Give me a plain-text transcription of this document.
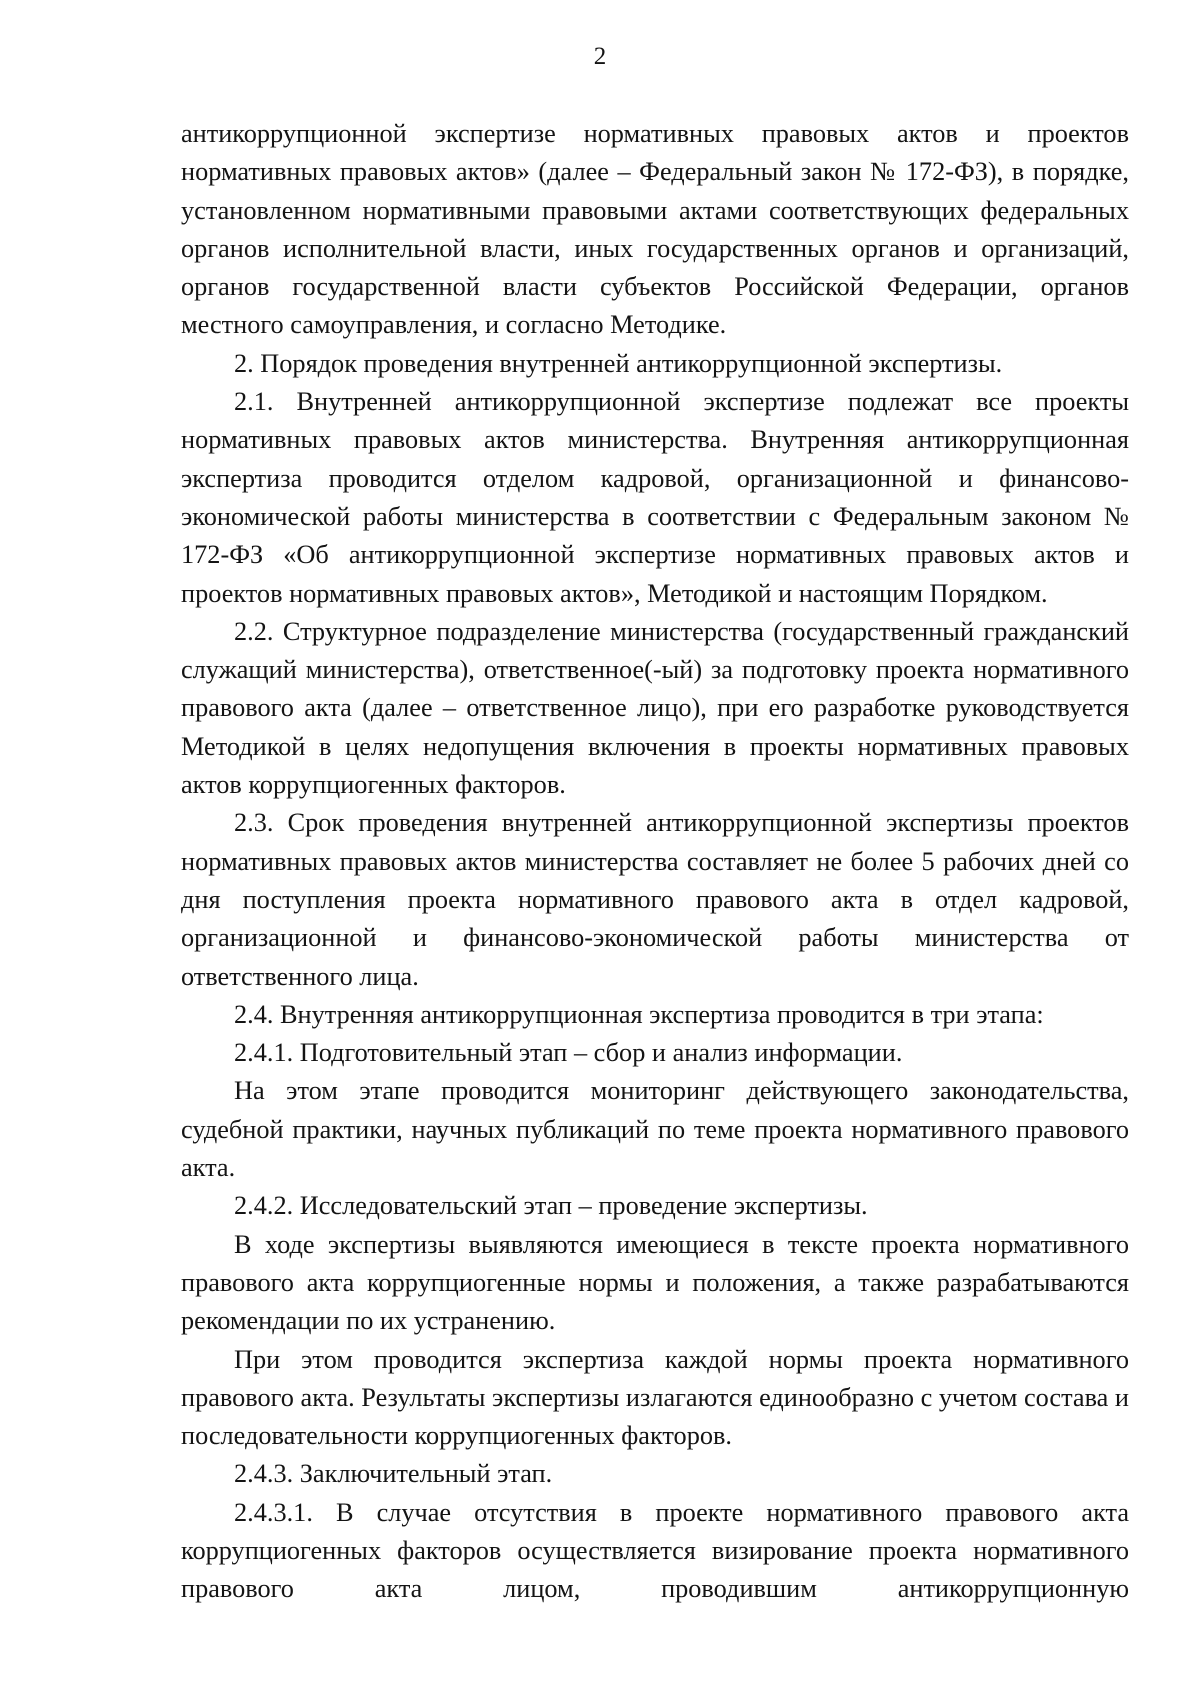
2

антикоррупционной экспертизе нормативных правовых актов и проектов нормативных правовых актов» (далее – Федеральный закон № 172-ФЗ), в порядке, установленном нормативными правовыми актами соответствующих федеральных органов исполнительной власти, иных государственных органов и организаций, органов государственной власти субъектов Российской Федерации, органов местного самоуправления, и согласно Методике.

2. Порядок проведения внутренней антикоррупционной экспертизы.

2.1. Внутренней антикоррупционной экспертизе подлежат все проекты нормативных правовых актов министерства. Внутренняя антикоррупционная экспертиза проводится отделом кадровой, организационной и финансово-экономической работы министерства в соответствии с Федеральным законом № 172-ФЗ «Об антикоррупционной экспертизе нормативных правовых актов и проектов нормативных правовых актов», Методикой и настоящим Порядком.

2.2. Структурное подразделение министерства (государственный гражданский служащий министерства), ответственное(-ый) за подготовку проекта нормативного правового акта (далее – ответственное лицо), при его разработке руководствуется Методикой в целях недопущения включения в проекты нормативных правовых актов коррупциогенных факторов.

2.3. Срок проведения внутренней антикоррупционной экспертизы проектов нормативных правовых актов министерства составляет не более 5 рабочих дней со дня поступления проекта нормативного правового акта в отдел кадровой, организационной и финансово-экономической работы министерства от ответственного лица.

2.4. Внутренняя антикоррупционная экспертиза проводится в три этапа:

2.4.1. Подготовительный этап – сбор и анализ информации.

На этом этапе проводится мониторинг действующего законодательства, судебной практики, научных публикаций по теме проекта нормативного правового акта.

2.4.2. Исследовательский этап – проведение экспертизы.

В ходе экспертизы выявляются имеющиеся в тексте проекта нормативного правового акта коррупциогенные нормы и положения, а также разрабатываются рекомендации по их устранению.

При этом проводится экспертиза каждой нормы проекта нормативного правового акта. Результаты экспертизы излагаются единообразно с учетом состава и последовательности коррупциогенных факторов.

2.4.3. Заключительный этап.

2.4.3.1. В случае отсутствия в проекте нормативного правового акта коррупциогенных факторов осуществляется визирование проекта нормативного правового акта лицом, проводившим антикоррупционную
